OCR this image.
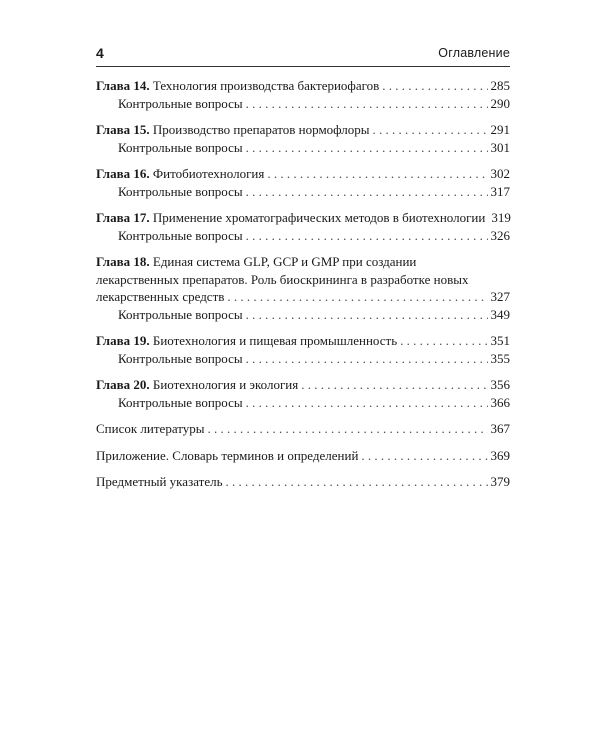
4	Оглавление
Глава 14. Технология производства бактериофагов . . .	285
Контрольные вопросы . . .	290
Глава 15. Производство препаратов нормофлоры . . .	291
Контрольные вопросы . . .	301
Глава 16. Фитобиотехнология . . .	302
Контрольные вопросы . . .	317
Глава 17. Применение хроматографических методов в биотехнологии 319
Контрольные вопросы . . .	326
Глава 18. Единая система GLP, GCP и GMP при создании
лекарственных препаратов. Роль биоскрининга в разработке новых
лекарственных средств . . .	327
Контрольные вопросы . . .	349
Глава 19. Биотехнология и пищевая промышленность . . .	351
Контрольные вопросы . . .	355
Глава 20. Биотехнология и экология . . .	356
Контрольные вопросы . . .	366
Список литературы . . .	367
Приложение. Словарь терминов и определений . . .	369
Предметный указатель . . .	379
